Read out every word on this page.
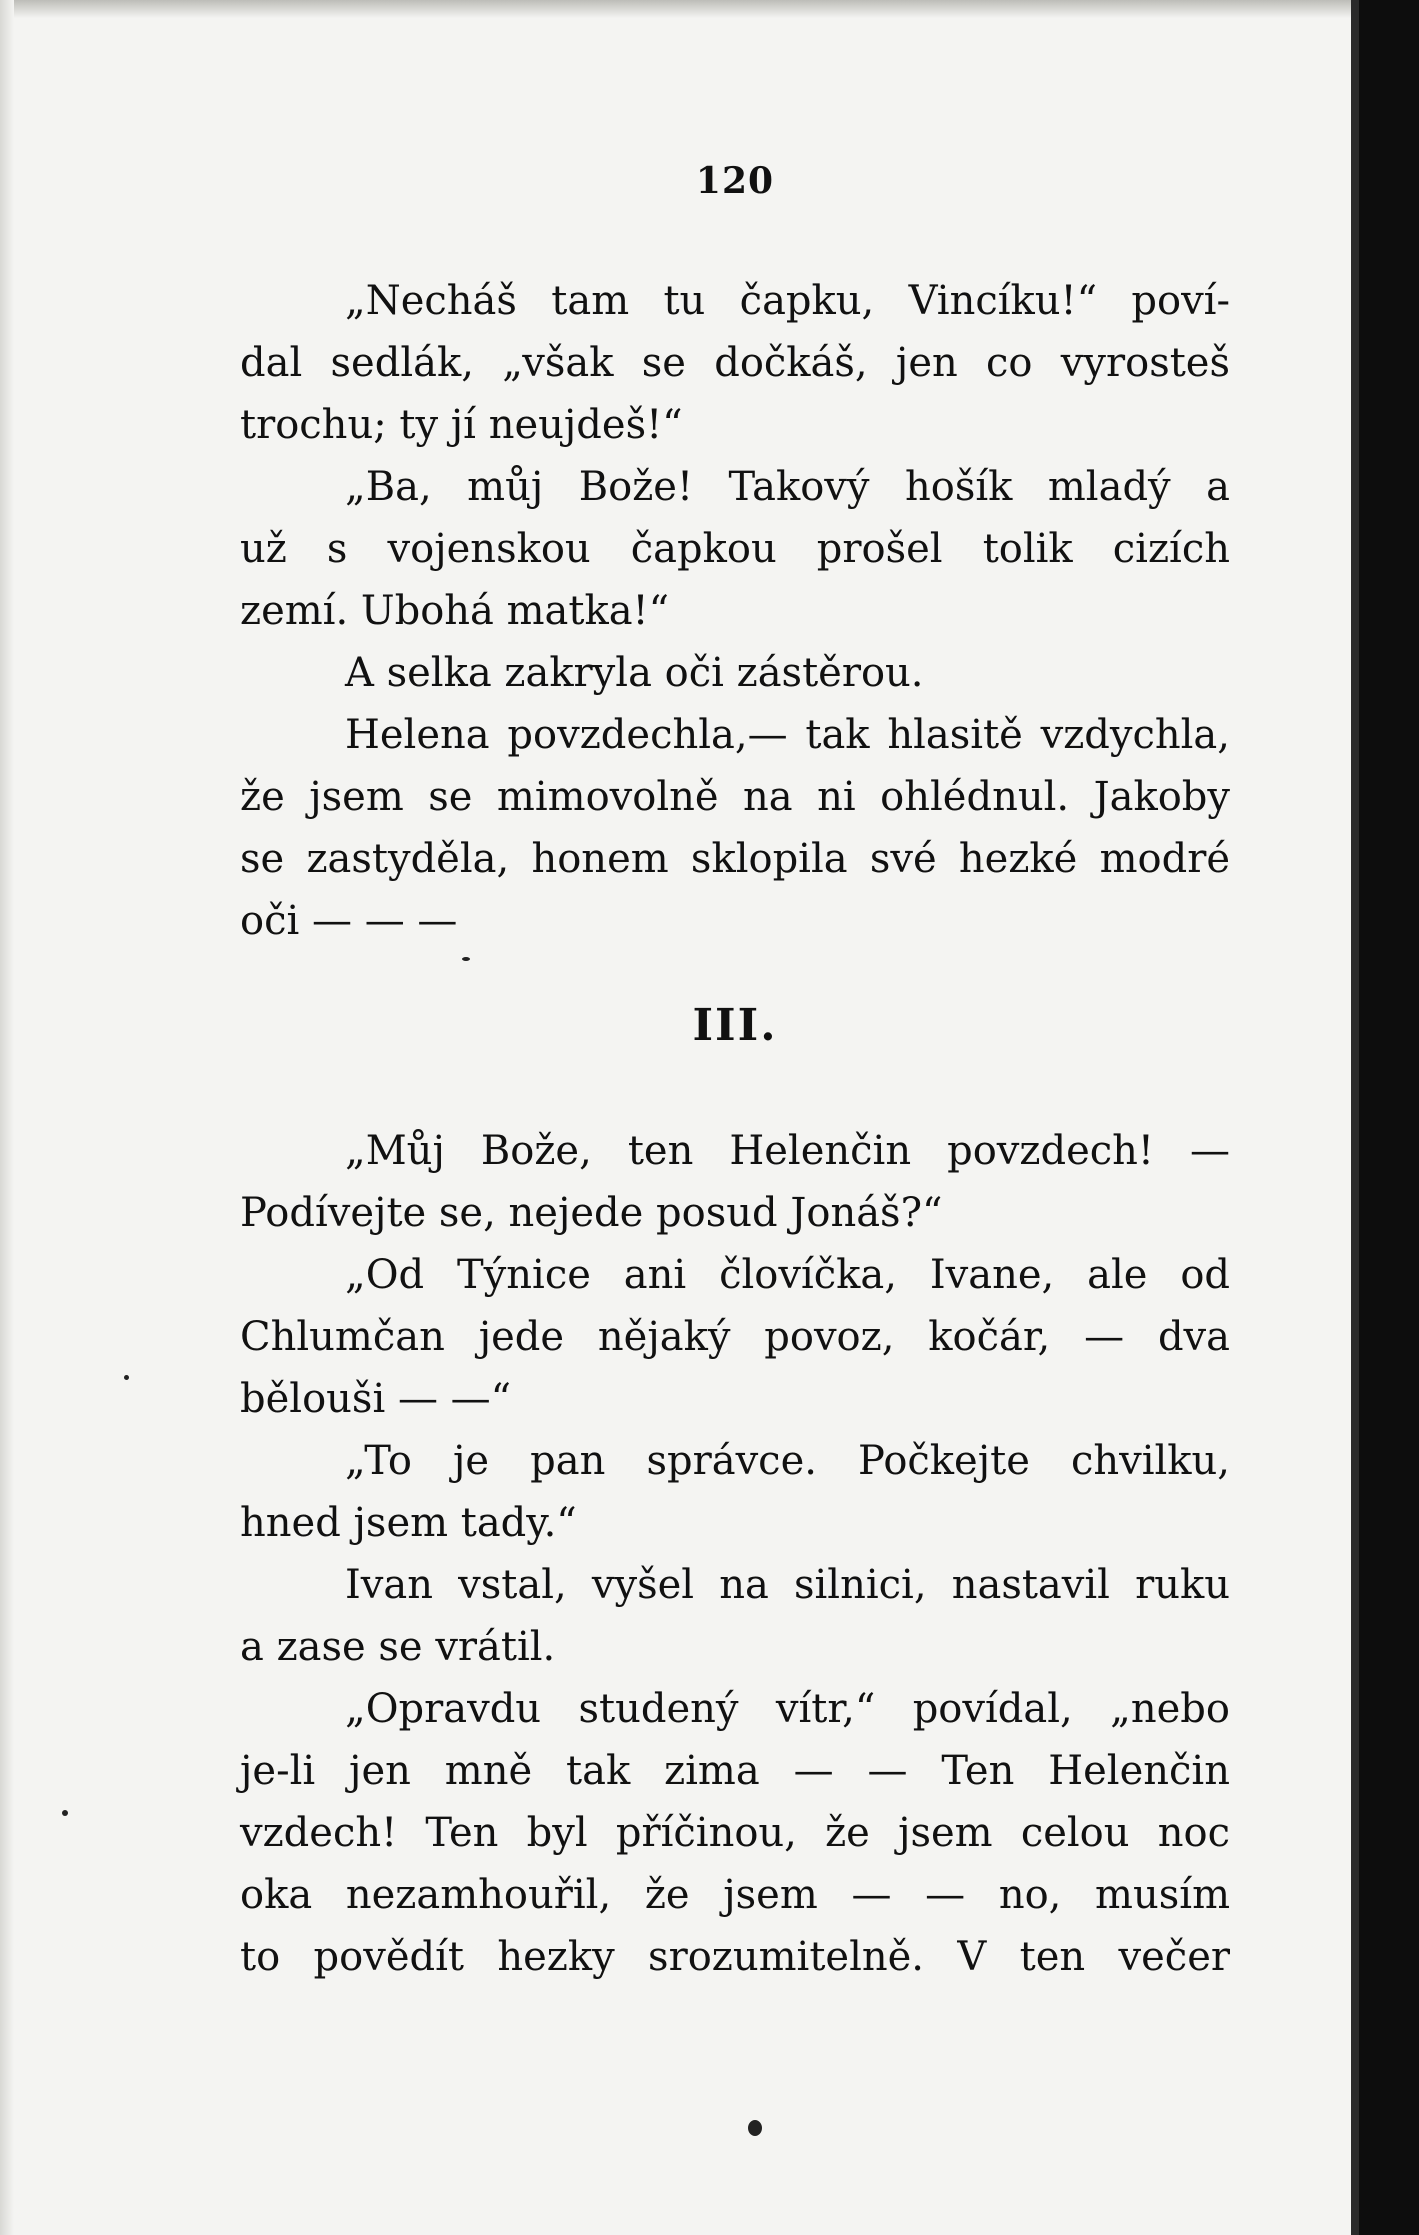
120
„Necháš tam tu čapku, Vincíku!“ poví-
dal sedlák, „však se dočkáš, jen co vyrosteš
trochu; ty jí neujdeš!“
„Ba, můj Bože! Takový hošík mladý a
už s vojenskou čapkou prošel tolik cizích
zemí. Ubohá matka!“
A selka zakryla oči zástěrou.
Helena povzdechla,— tak hlasitě vzdychla,
že jsem se mimovolně na ni ohlédnul. Jakoby
se zastyděla, honem sklopila své hezké modré
oči — — —
III.
„Můj Bože, ten Helenčin povzdech! —
Podívejte se, nejede posud Jonáš?“
„Od Týnice ani človíčka, Ivane, ale od
Chlumčan jede nějaký povoz, kočár, — dva
bělouši — —“
„To je pan správce. Počkejte chvilku,
hned jsem tady.“
Ivan vstal, vyšel na silnici, nastavil ruku
a zase se vrátil.
„Opravdu studený vítr,“ povídal, „nebo
je-li jen mně tak zima — — Ten Helenčin
vzdech! Ten byl příčinou, že jsem celou noc
oka nezamhouřil, že jsem — — no, musím
to povědít hezky srozumitelně. V ten večer
